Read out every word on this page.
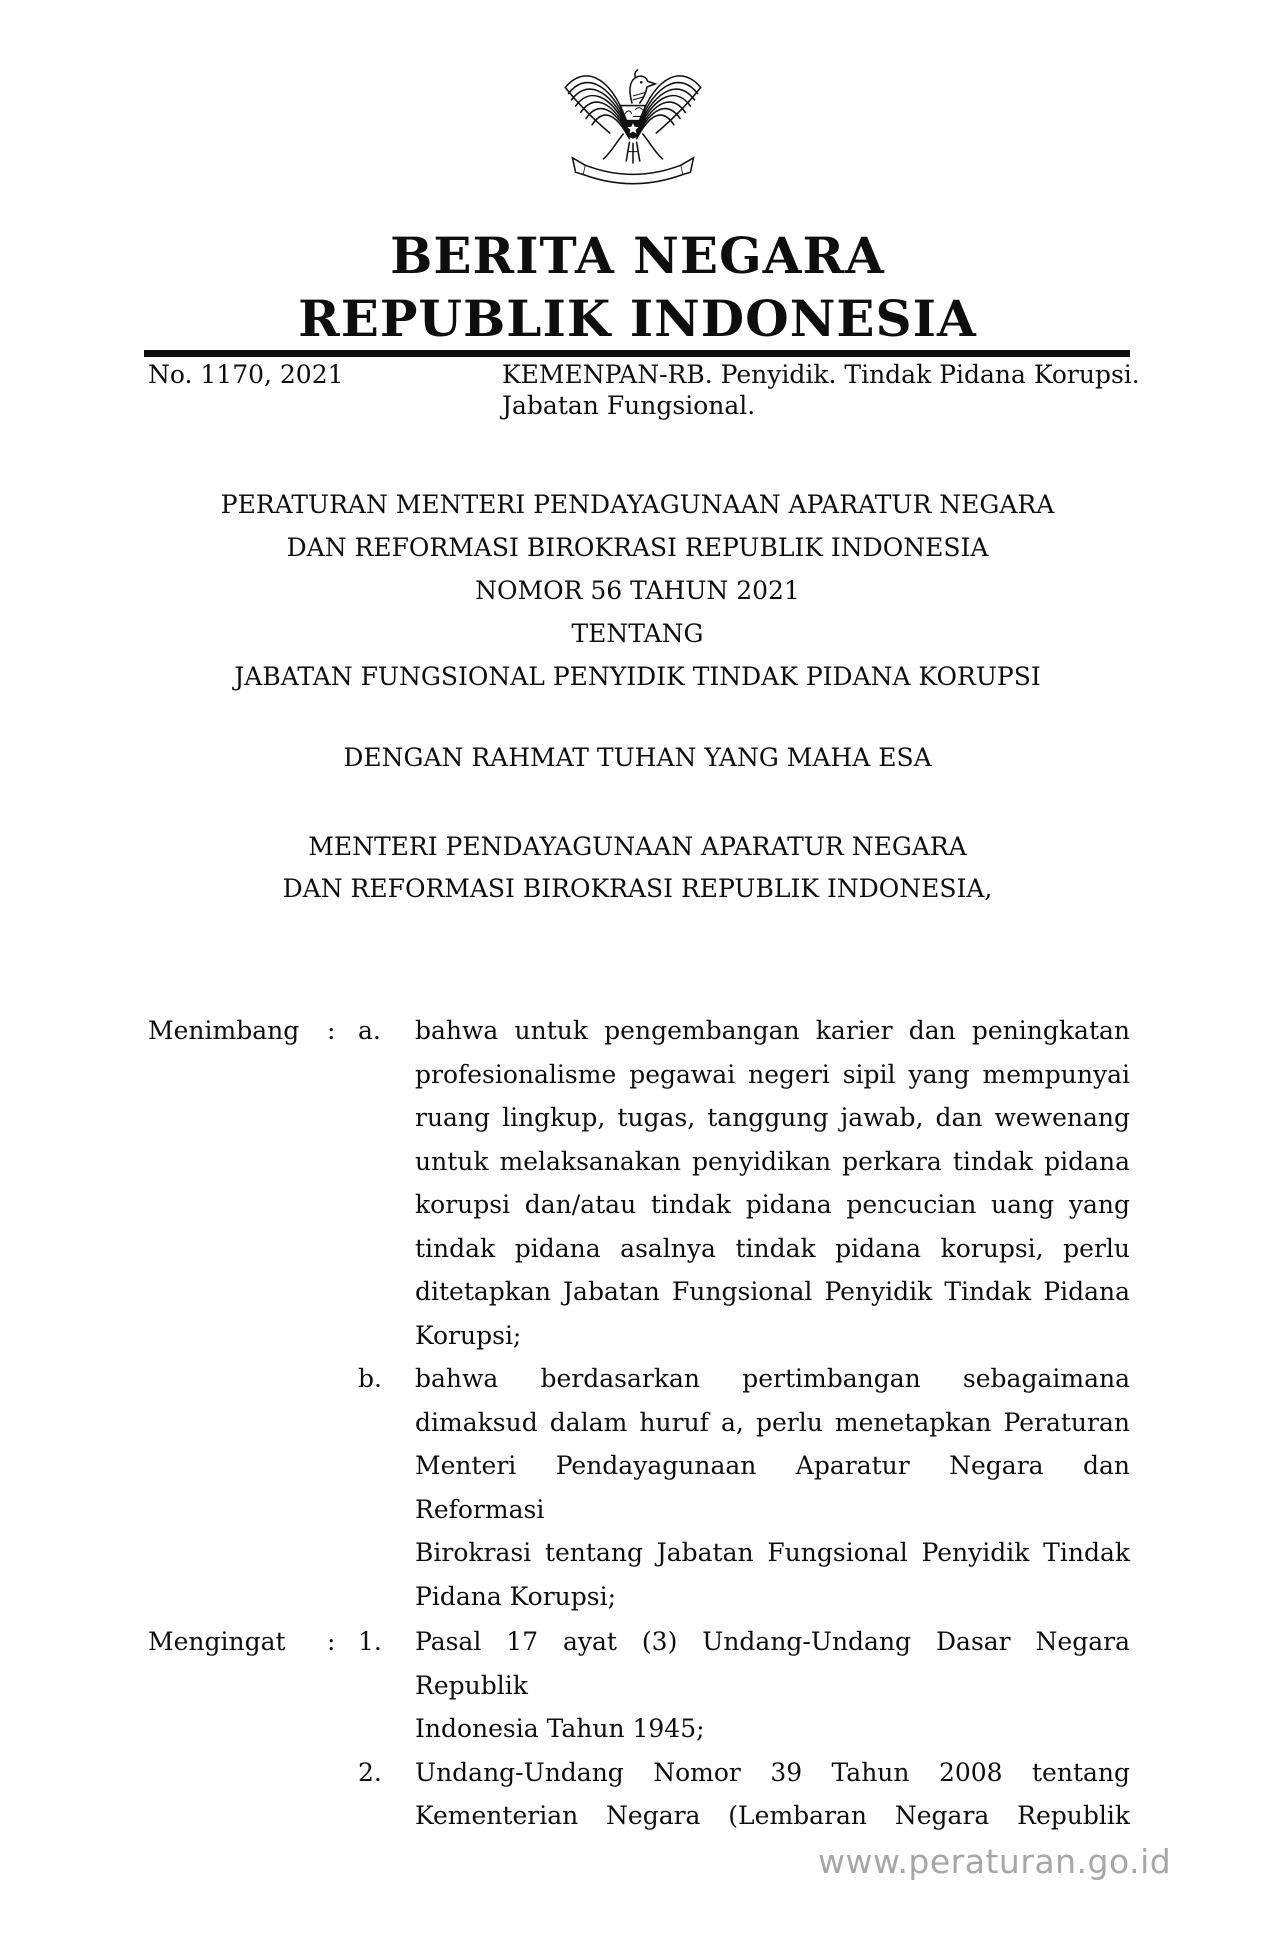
BERITA NEGARA
REPUBLIK INDONESIA
No. 1170, 2021	KEMENPAN-RB. Penyidik. Tindak Pidana Korupsi.
Jabatan Fungsional.
PERATURAN MENTERI PENDAYAGUNAAN APARATUR NEGARA
DAN REFORMASI BIROKRASI REPUBLIK INDONESIA
NOMOR 56 TAHUN 2021
TENTANG
JABATAN FUNGSIONAL PENYIDIK TINDAK PIDANA KORUPSI
DENGAN RAHMAT TUHAN YANG MAHA ESA
MENTERI PENDAYAGUNAAN APARATUR NEGARA
DAN REFORMASI BIROKRASI REPUBLIK INDONESIA,
Menimbang	: a.	bahwa untuk pengembangan karier dan peningkatan
profesionalisme pegawai negeri sipil yang mempunyai
ruang lingkup, tugas, tanggung jawab, dan wewenang
untuk melaksanakan penyidikan perkara tindak pidana
korupsi dan/atau tindak pidana pencucian uang yang
tindak pidana asalnya tindak pidana korupsi, perlu
ditetapkan Jabatan Fungsional Penyidik Tindak Pidana
Korupsi;
b.	bahwa berdasarkan pertimbangan sebagaimana
dimaksud dalam huruf a, perlu menetapkan Peraturan
Menteri Pendayagunaan Aparatur Negara dan Reformasi
Birokrasi tentang Jabatan Fungsional Penyidik Tindak
Pidana Korupsi;
Mengingat	: 1.	Pasal 17 ayat (3) Undang-Undang Dasar Negara Republik
Indonesia Tahun 1945;
2.	Undang-Undang Nomor 39 Tahun 2008 tentang
Kementerian Negara (Lembaran Negara Republik
www.peraturan.go.id
